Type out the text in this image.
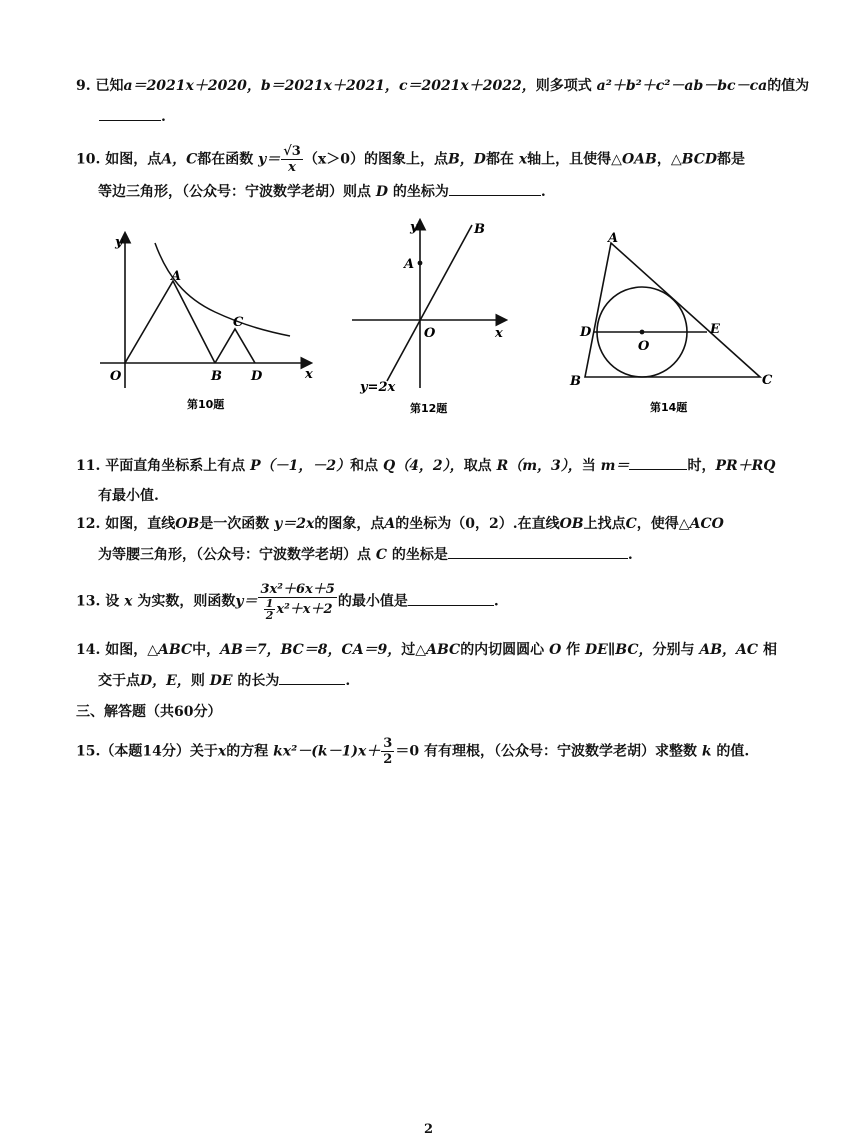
9. 已知a＝2021x＋2020，b＝2021x＋2021，c＝2021x＋2022，则多项式 a²＋b²＋c²－ab－bc－ca的值为
.
10. 如图，点A，C都在函数 $y= \frac{√3}{x} (x>0)$的图象上，点B，D都在 x轴上，且使得△OAB，△BCD都是
等边三角形，（公众号：宁波数学老胡）则点 D 的坐标为	.
y
x
O
A
B
C
D
第10题
y
x
O
A
B
y=2x
第12题
A
B	C
D	E
O
第14题
11. 平面直角坐标系上有点 P（－1，－2）和点 Q（4，2），取点 R（m，3），当 m＝	时，PR＋RQ
有最小值.
12. 如图，直线OB是一次函数 y＝2x的图象，点A的坐标为（0，2）.在直线OB上找点C，使得△ACO
为等腰三角形，（公众号：宁波数学老胡）点 C 的坐标是	.
13. 设 x 为实数，则函数$y= \frac{\text{3x²＋6x＋5}}{\frac{1}{2} x^2+x+2}$ 的最小值是	.
14. 如图，△ABC中，AB＝7，BC＝8，CA＝9，过△ABC的内切圆圆心 O 作 DE∥BC，分别与 AB，AC 相
交于点D，E，则 DE 的长为	.
三、解答题（共60分）
15.（本题14分）关于x的方程 $kx^2-(k-1)x+ \frac{3}{2} =0$ 有有理根，（公众号：宁波数学老胡）求整数 k 的值.
2
